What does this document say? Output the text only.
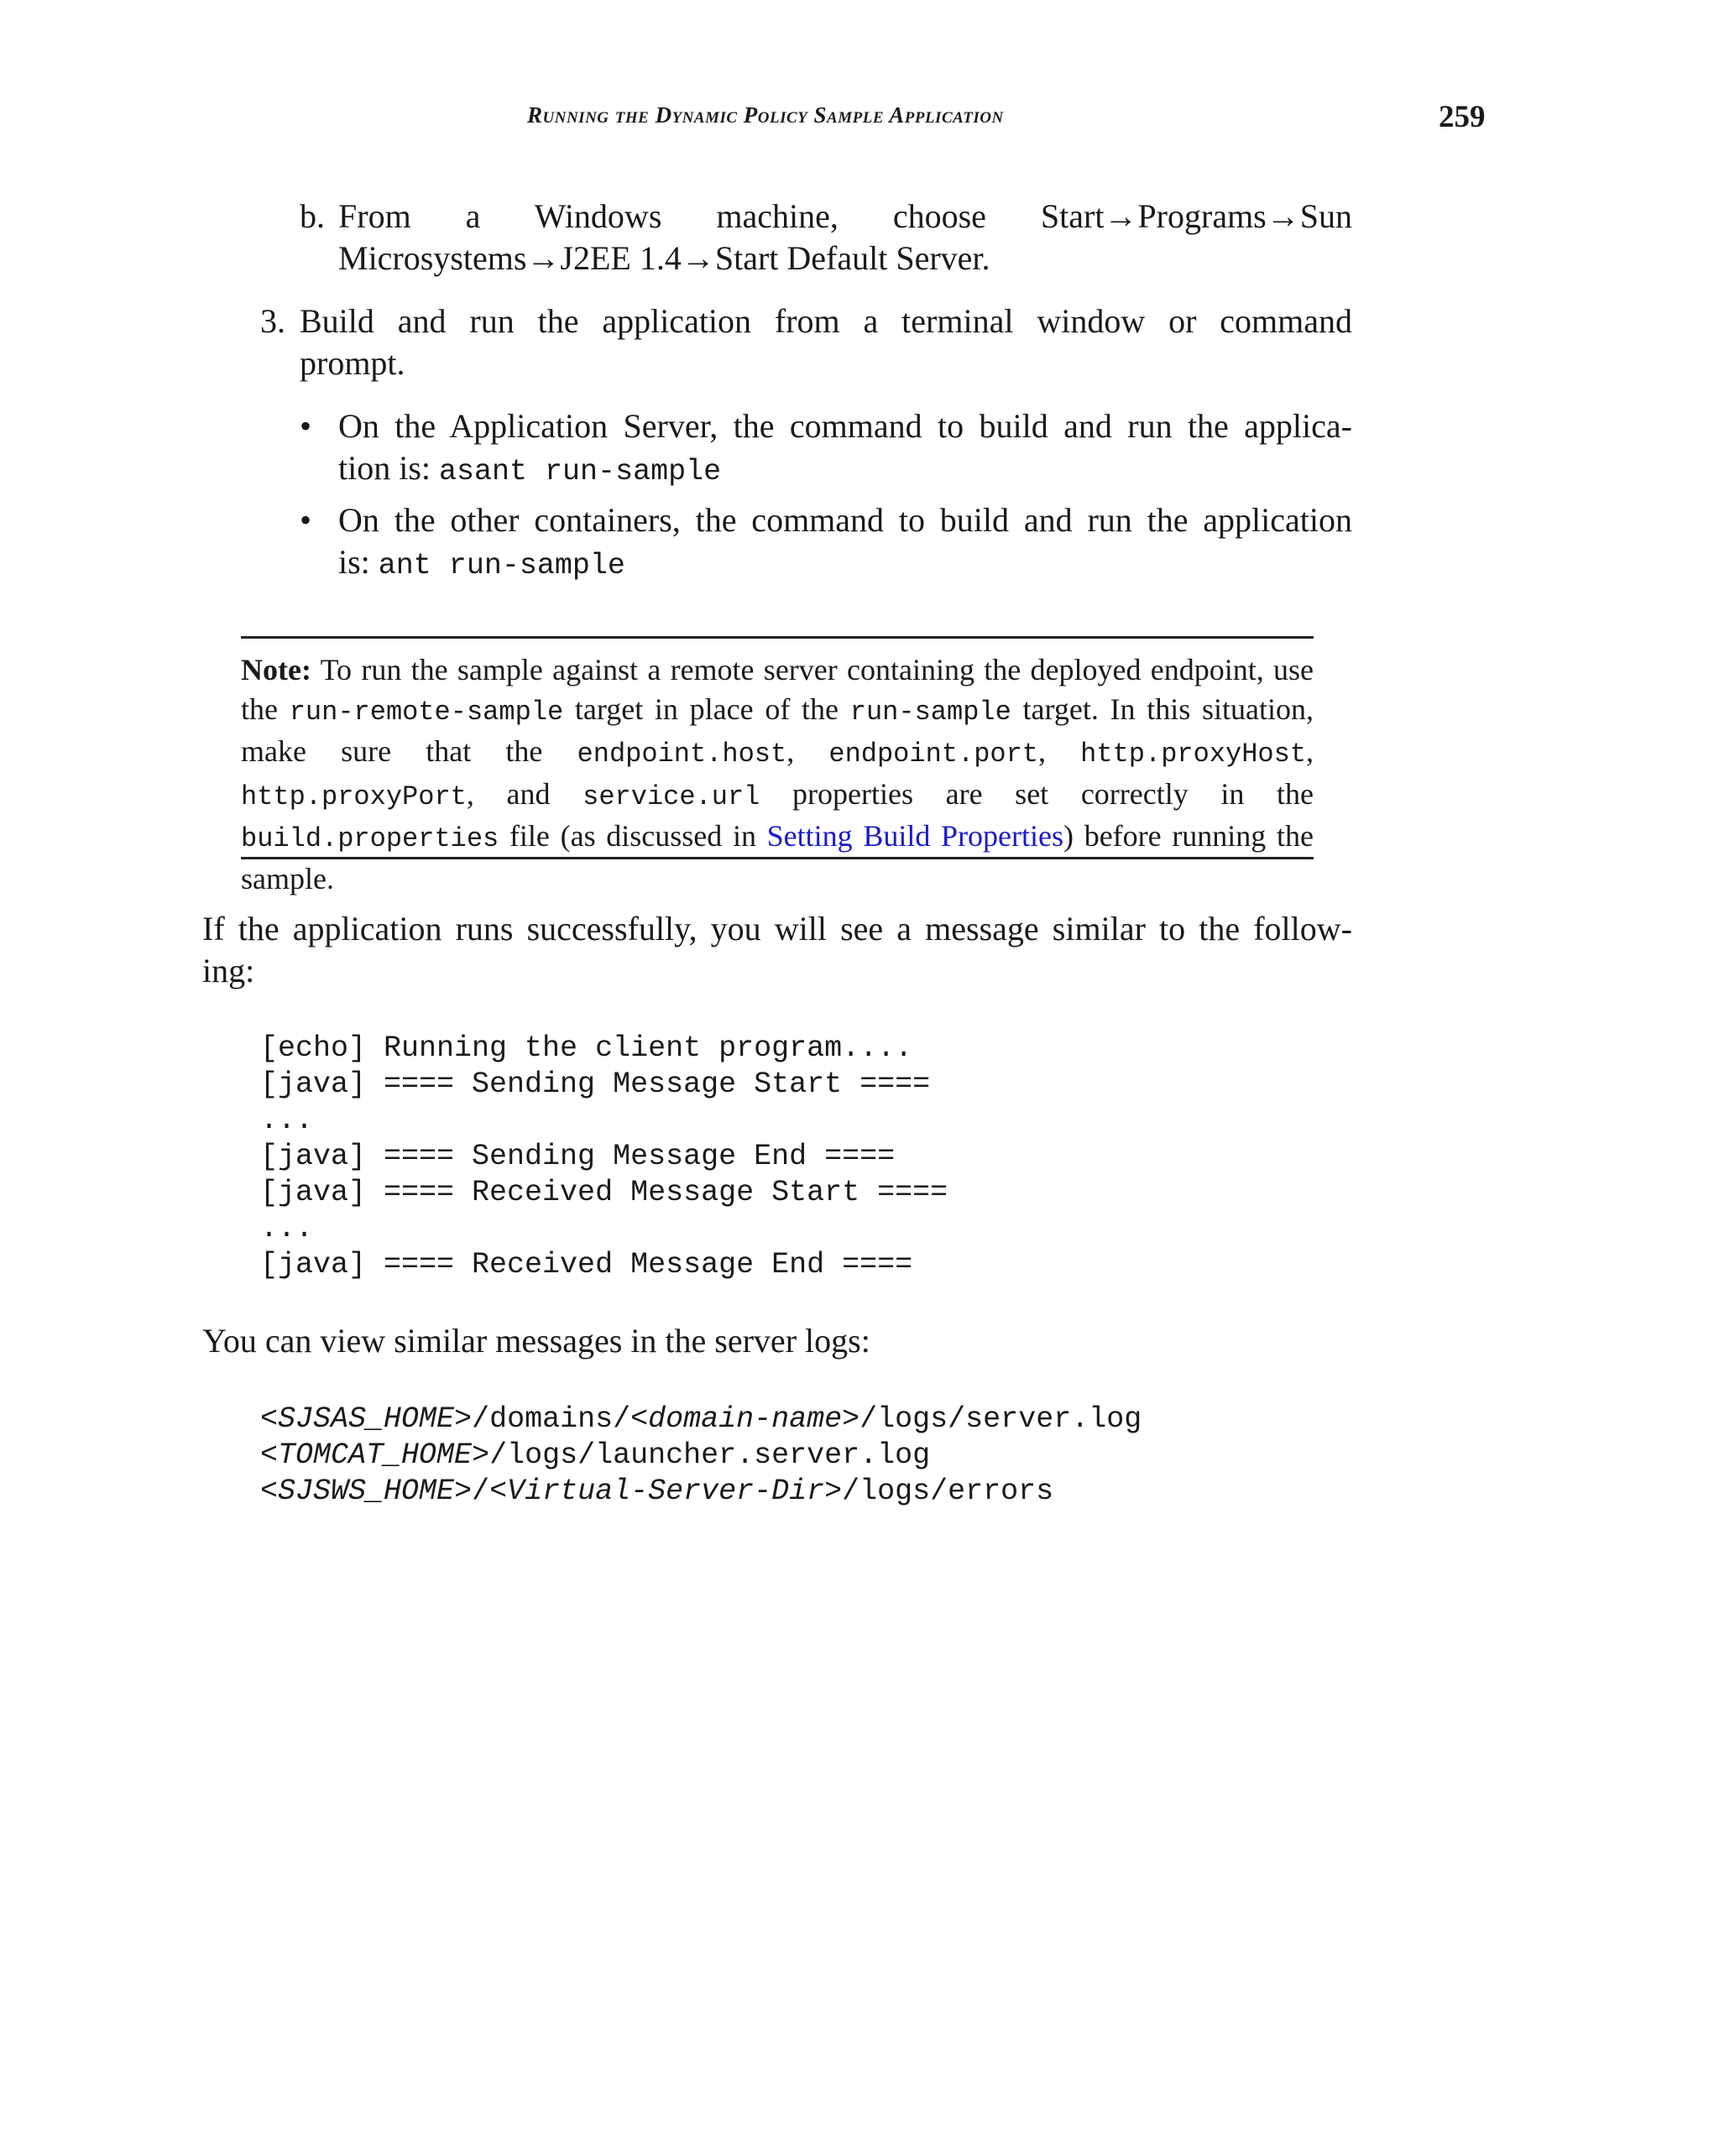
Running the Dynamic Policy Sample Application	259
b. From a Windows machine, choose Start→Programs→Sun
Microsystems→J2EE 1.4→Start Default Server.
3. Build and run the application from a terminal window or command
prompt.
• On the Application Server, the command to build and run the applica-
tion is: asant run-sample
• On the other containers, the command to build and run the application
is: ant run-sample
Note: To run the sample against a remote server containing the deployed endpoint, use the run-remote-sample target in place of the run-sample target. In this situation, make sure that the endpoint.host, endpoint.port, http.proxyHost, http.proxyPort, and service.url properties are set correctly in the build.properties file (as discussed in Setting Build Properties) before running the sample.
If the application runs successfully, you will see a message similar to the follow-
ing:
[echo] Running the client program....
[java] ==== Sending Message Start ====
...
[java] ==== Sending Message End ====
[java] ==== Received Message Start ====
...
[java] ==== Received Message End ====
You can view similar messages in the server logs:
<SJSAS_HOME>/domains/<domain-name>/logs/server.log
<TOMCAT_HOME>/logs/launcher.server.log
<SJSWS_HOME>/<Virtual-Server-Dir>/logs/errors
